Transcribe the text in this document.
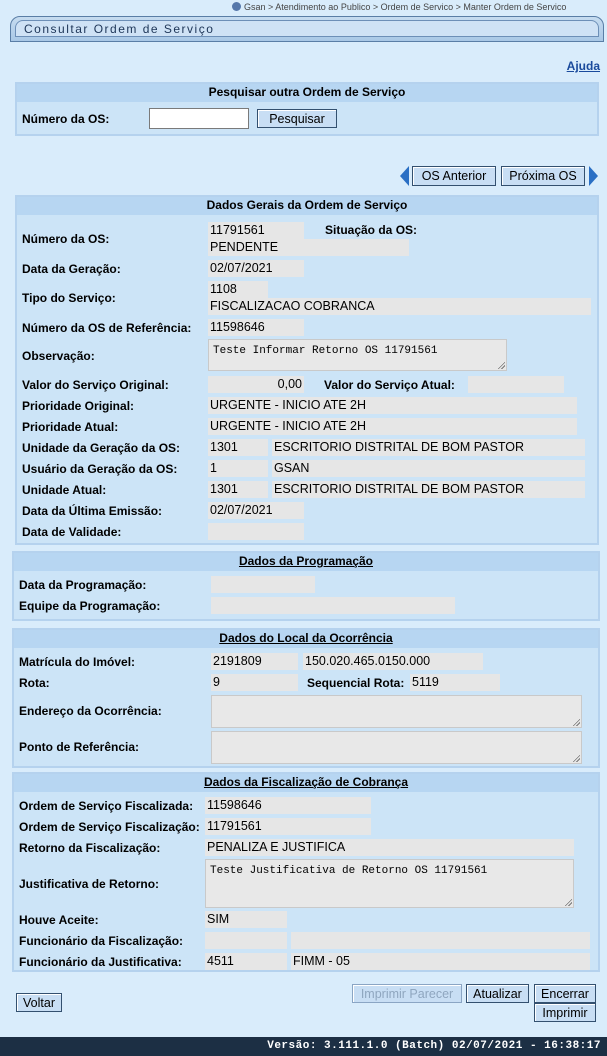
Gsan > Atendimento ao Publico > Ordem de Servico > Manter Ordem de Servico
Consultar Ordem de Serviço
Ajuda
Pesquisar outra Ordem de Serviço
Número da OS:	Pesquisar
OS Anterior	Próxima OS
Dados Gerais da Ordem de Serviço
Número da OS:
11791561	Situação da OS:
PENDENTE
Data da Geração:	02/07/2021
Tipo do Serviço:
1108
FISCALIZACAO COBRANCA
Número da OS de Referência: 11598646
Observação:	Teste Informar Retorno OS 11791561
Valor do Serviço Original:	0,00 Valor do Serviço Atual:
Prioridade Original:	URGENTE - INICIO ATE 2H
Prioridade Atual:	URGENTE - INICIO ATE 2H
Unidade da Geração da OS: 1301	ESCRITORIO DISTRITAL DE BOM PASTOR
Usuário da Geração da OS:	1	GSAN
Unidade Atual:	1301	ESCRITORIO DISTRITAL DE BOM PASTOR
Data da Última Emissão:	02/07/2021
Data de Validade:
Dados da Programação
Data da Programação:
Equipe da Programação:
Dados do Local da Ocorrência
Matrícula do Imóvel:	2191809	150.020.465.0150.000
Rota:	9	Sequencial Rota: 5119
Endereço da Ocorrência:
Ponto de Referência:
Dados da Fiscalização de Cobrança
Ordem de Serviço Fiscalizada: 11598646
Ordem de Serviço Fiscalização: 11791561
Retorno da Fiscalização:	PENALIZA E JUSTIFICA
Justificativa de Retorno:
Teste Justificativa de Retorno OS 11791561
Houve Aceite:	SIM
Funcionário da Fiscalização:
Funcionário da Justificativa: 4511	FIMM - 05
Voltar
Imprimir Parecer	Atualizar	Encerrar
Imprimir
Versão: 3.111.1.0 (Batch) 02/07/2021 - 16:38:17
